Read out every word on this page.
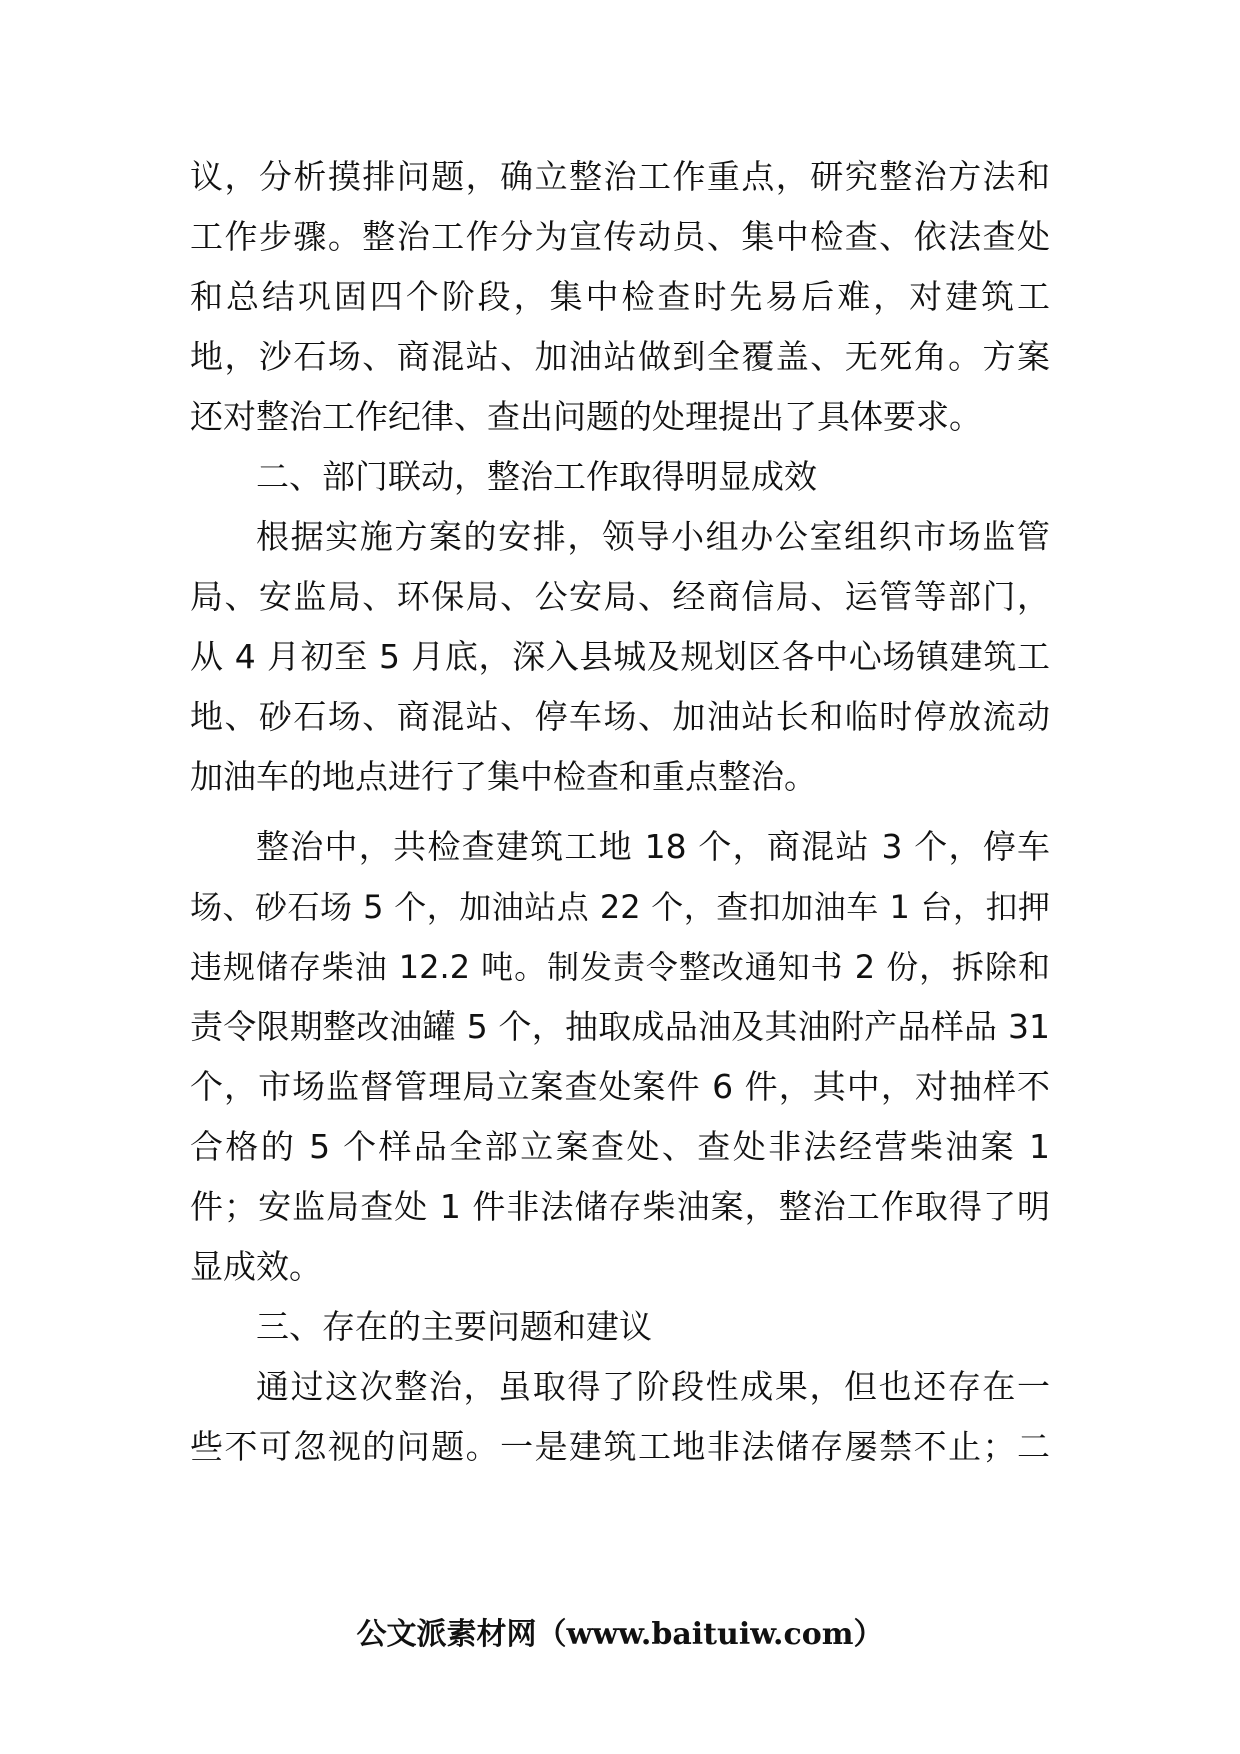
议，分析摸排问题，确立整治工作重点，研究整治方法和
工作步骤。整治工作分为宣传动员、集中检查、依法查处
和总结巩固四个阶段，集中检查时先易后难，对建筑工
地，沙石场、商混站、加油站做到全覆盖、无死角。方案
还对整治工作纪律、查出问题的处理提出了具体要求。
二、部门联动，整治工作取得明显成效
根据实施方案的安排，领导小组办公室组织市场监管
局、安监局、环保局、公安局、经商信局、运管等部门，
从 4 月初至 5 月底，深入县城及规划区各中心场镇建筑工
地、砂石场、商混站、停车场、加油站长和临时停放流动
加油车的地点进行了集中检查和重点整治。
整治中，共检查建筑工地 18 个，商混站 3 个，停车
场、砂石场 5 个，加油站点 22 个，查扣加油车 1 台，扣押
违规储存柴油 12.2 吨。制发责令整改通知书 2 份，拆除和
责令限期整改油罐 5 个，抽取成品油及其油附产品样品 31
个，市场监督管理局立案查处案件 6 件，其中，对抽样不
合格的 5 个样品全部立案查处、查处非法经营柴油案 1
件；安监局查处 1 件非法储存柴油案，整治工作取得了明
显成效。
三、存在的主要问题和建议
通过这次整治，虽取得了阶段性成果，但也还存在一
些不可忽视的问题。一是建筑工地非法储存屡禁不止；二
公文派素材网（www.baituiw.com）
